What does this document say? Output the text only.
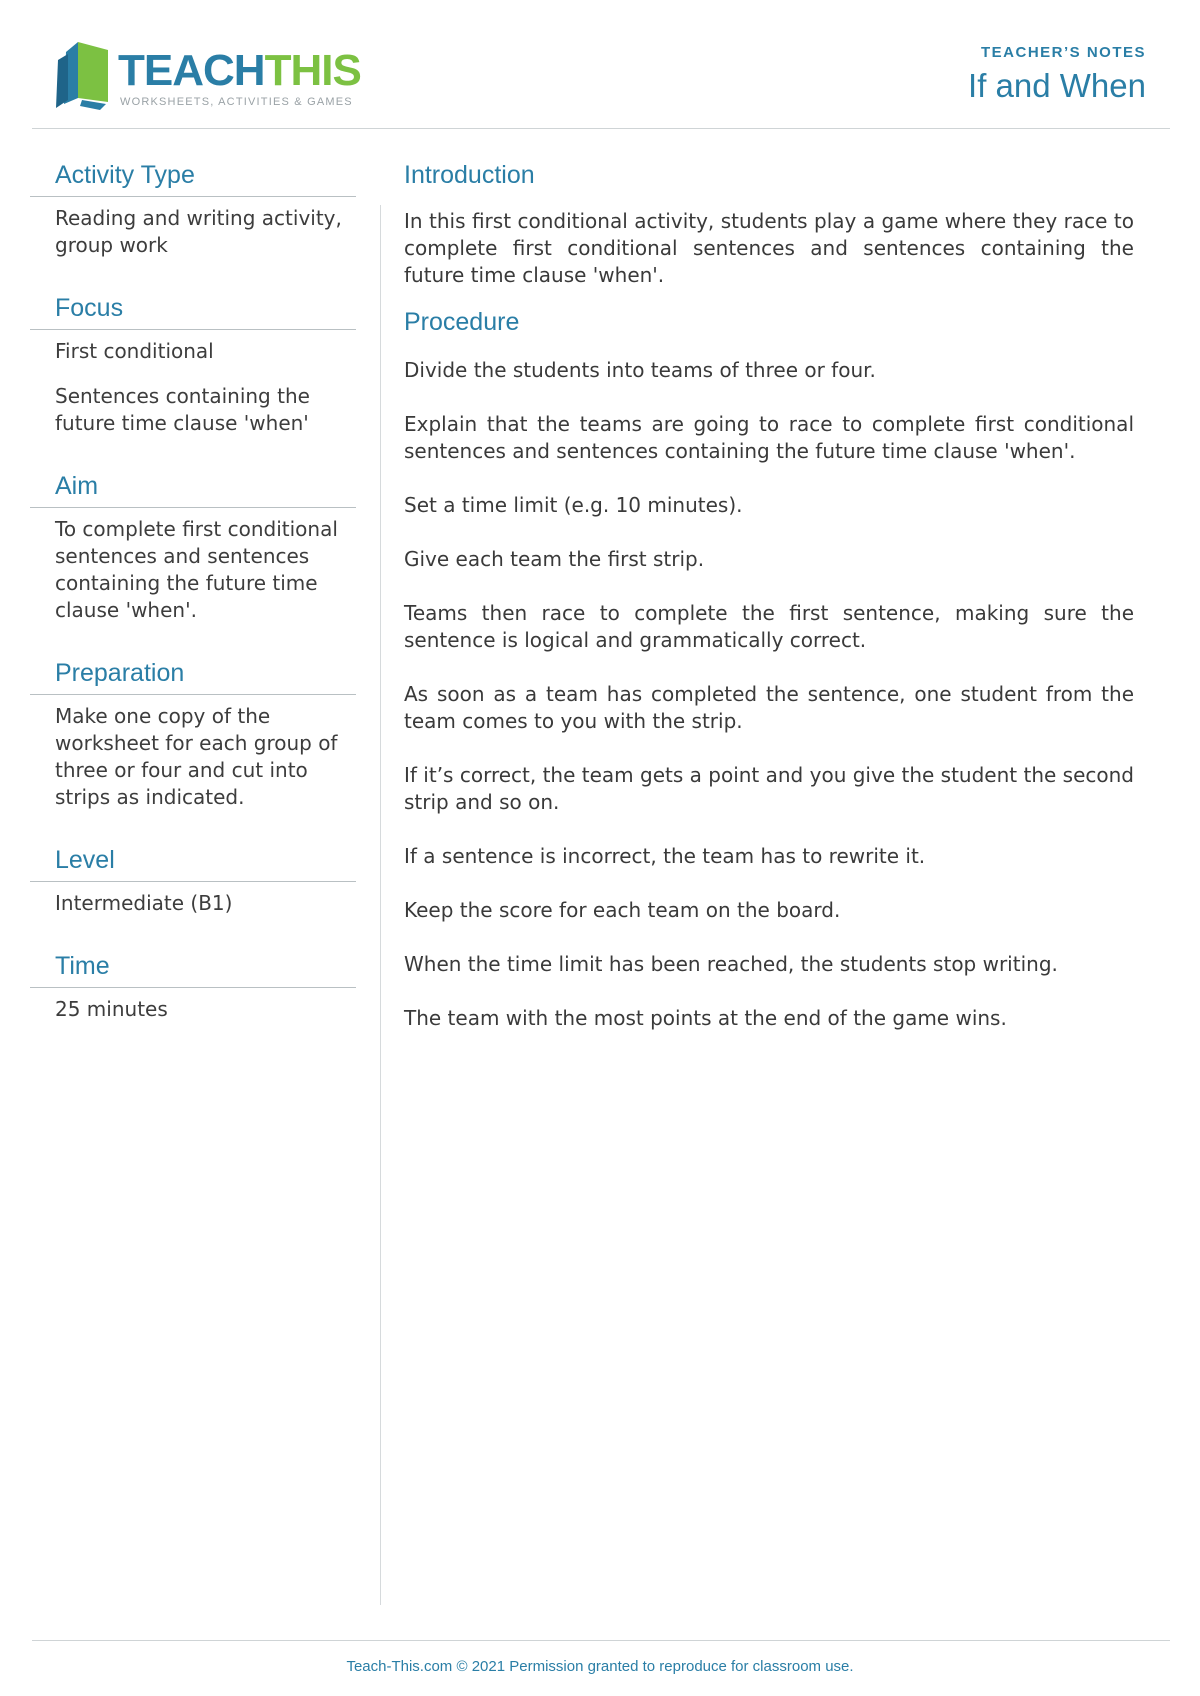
TEACHTHIS
WORKSHEETS, ACTIVITIES & GAMES
TEACHER’S NOTES
If and When
Activity Type

Reading and writing activity, group work

Focus

First conditional

Sentences containing the future time clause 'when'

Aim

To complete first conditional sentences and sentences containing the future time clause 'when'.

Preparation

Make one copy of the worksheet for each group of three or four and cut into strips as indicated.

Level

Intermediate (B1)

Time

25 minutes

Introduction

In this first conditional activity, students play a game where they race to complete first conditional sentences and sentences containing the future time clause 'when'.

Procedure

Divide the students into teams of three or four.

Explain that the teams are going to race to complete first conditional sentences and sentences containing the future time clause 'when'.

Set a time limit (e.g. 10 minutes).

Give each team the first strip.

Teams then race to complete the first sentence, making sure the sentence is logical and grammatically correct.

As soon as a team has completed the sentence, one student from the team comes to you with the strip.

If it’s correct, the team gets a point and you give the student the second strip and so on.

If a sentence is incorrect, the team has to rewrite it.

Keep the score for each team on the board.

When the time limit has been reached, the students stop writing.

The team with the most points at the end of the game wins.

Teach-This.com © 2021 Permission granted to reproduce for classroom use.
